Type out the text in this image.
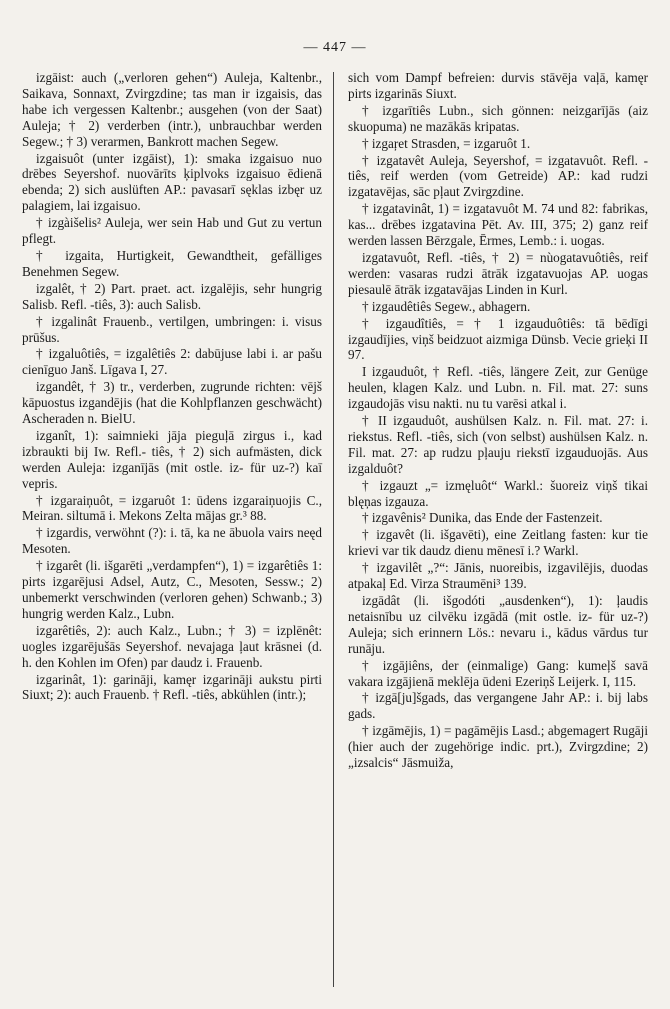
— 447 —

izgāist: auch („verloren gehen“) Auleja, Kaltenbr., Saikava, Sonnaxt, Zvirgzdine; tas man ir izgaisis, das habe ich vergessen Kaltenbr.; ausgehen (von der Saat) Auleja; † 2) verderben (intr.), unbrauchbar werden Segew.; † 3) verarmen, Bankrott machen Segew.

izgaisuôt (unter izgāist), 1): smaka izgaisuo nuo drēbes Seyershof. nuovārīts ķiplvoks izgaisuo ēdienā ebenda; 2) sich auslüften AP.: pavasarī sęklas izbęr uz palagiem, lai izgaisuo.

† izgàišelis² Auleja, wer sein Hab und Gut zu vertun pflegt.

† izgaita, Hurtigkeit, Gewandtheit, gefälliges Benehmen Segew.

izgalêt, † 2) Part. praet. act. izgalējis, sehr hungrig Salisb. Refl. -tiês, 3): auch Salisb.

† izgalinât Frauenb., vertilgen, umbringen: i. visus prūšus.

† izgaluôtiês, = izgalêtiês 2: dabūjuse labi i. ar pašu cienīguo Janš. Līgava I, 27.

izgandêt, † 3) tr., verderben, zugrunde richten: vējš kāpuostus izgandējis (hat die Kohlpflanzen geschwächt) Ascheraden n. BielU.

izganît, 1): saimnieki jāja pieguļā zirgus i., kad izbraukti bij Iw. Refl.- tiês, † 2) sich aufmästen, dick werden Auleja: izganījās (mit ostle. iz- für uz-?) kaī vepris.

† izgaraiņuôt, = izgaruôt 1: ūdens izgaraiņuojis C., Meiran. siltumā i. Mekons Zelta mājas gr.³ 88.

† izgardis, verwöhnt (?): i. tā, ka ne ābuola vairs neęd Mesoten.

† izgarêt (li. išgarēti „verdampfen“), 1) = izgarêtiês 1: pirts izgarējusi Adsel, Autz, C., Mesoten, Sessw.; 2) unbemerkt verschwinden (verloren gehen) Schwanb.; 3) hungrig werden Kalz., Lubn.

izgarêtiês, 2): auch Kalz., Lubn.; † 3) = izplēnêt: uogles izgarējušās Seyershof. nevajaga ļaut krāsnei (d. h. den Kohlen im Ofen) par daudz i. Frauenb.

izgarinât, 1): garināji, kamęr izgarināji aukstu pirti Siuxt; 2): auch Frauenb. † Refl. -tiês, abkühlen (intr.);

sich vom Dampf befreien: durvis stāvēja vaļā, kamęr pirts izgarinās Siuxt.

† izgarītiês Lubn., sich gönnen: neizgarījās (aiz skuopuma) ne mazākās kripatas.

† izgaŗet Strasden, = izgaruôt 1.

† izgatavêt Auleja, Seyershof, = izgatavuôt. Refl. -tiês, reif werden (vom Getreide) AP.: kad rudzi izgatavējas, sāc pļaut Zvirgzdine.

† izgatavinât, 1) = izgatavuôt M. 74 und 82: fabrikas, kas... drēbes izgatavina Pēt. Av. III, 375; 2) ganz reif werden lassen Bērzgale, Ērmes, Lemb.: i. uogas.

izgatavuôt, Refl. -tiês, † 2) = nùogatavuôtiês, reif werden: vasaras rudzi ātrāk izgatavuojas AP. uogas piesaulē ātrāk izgatavājas Linden in Kurl.

† izgaudêtiês Segew., abhagern.

† izgaudîtiês, = † 1 izgauduôtiês: tā bēdīgi izgaudījies, viņš beidzuot aizmiga Dünsb. Vecie grieķi II 97.

I izgauduôt, † Refl. -tiês, längere Zeit, zur Genüge heulen, klagen Kalz. und Lubn. n. Fil. mat. 27: suns izgaudojās visu nakti. nu tu varēsi atkal i.

† II izgauduôt, aushülsen Kalz. n. Fil. mat. 27: i. riekstus. Refl. -tiês, sich (von selbst) aushülsen Kalz. n. Fil. mat. 27: ap rudzu pļauju riekstī izgauduojās. Aus izgalduôt?

† izgauzt „= izmęluôt“ Warkl.: šuoreiz viņš tikai blęņas izgauza.

† izgavênis² Dunika, das Ende der Fastenzeit.

† izgavêt (li. išgavēti), eine Zeitlang fasten: kur tie krievi var tik daudz dienu mēnesī i.? Warkl.

† izgavilêt „?“: Jānis, nuoreibis, izgavilējis, duodas atpakaļ Ed. Virza Straumēni³ 139.

izgādât (li. išgodóti „ausdenken“), 1): ļaudis netaisnību uz cilvēku izgādā (mit ostle. iz- für uz-?) Auleja; sich erinnern Lös.: nevaru i., kādus vārdus tur runāju.

† izgājiêns, der (einmalige) Gang: kumeļš savā vakara izgājienā meklēja ūdeni Ezeriņš Leijerk. I, 115.

† izgā[ju]šgads, das vergangene Jahr AP.: i. bij labs gads.

† izgāmējis, 1) = pagāmējis Lasd.; abgemagert Rugāji (hier auch der zugehörige indic. prt.), Zvirgzdine; 2) „izsalcis“ Jāsmuiža,
